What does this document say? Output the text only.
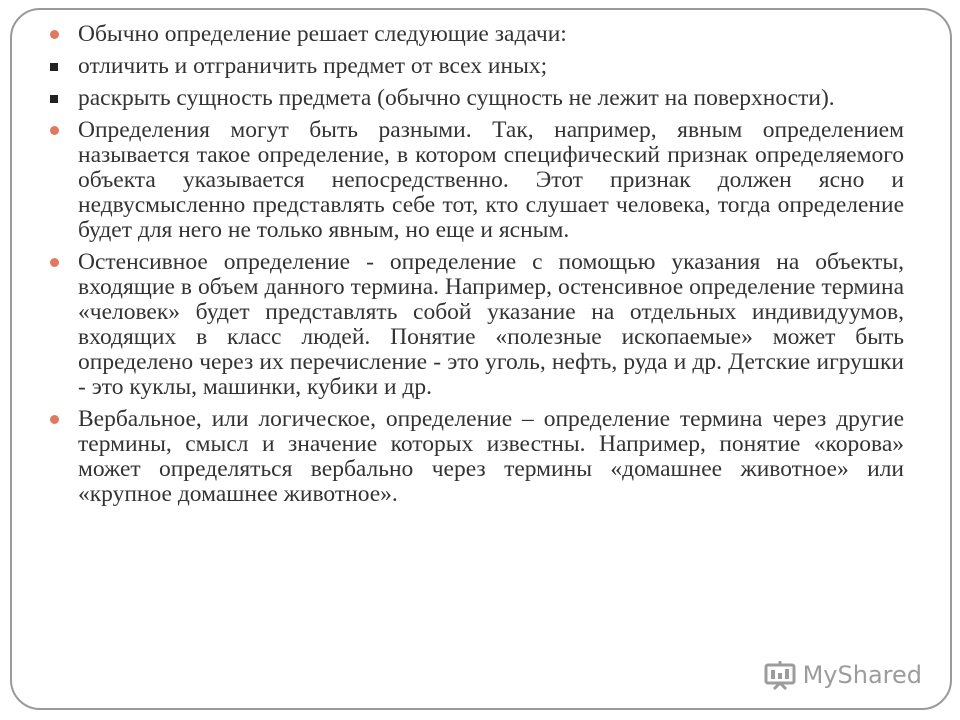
Обычно определение решает следующие задачи:
отличить и отграничить предмет от всех иных;
раскрыть сущность предмета (обычно сущность не лежит на поверхности).
Определения могут быть разными. Так, например, явным определением называется такое определение, в котором специфический признак определяемого объекта указывается непосредственно. Этот признак должен ясно и недвусмысленно представлять себе тот, кто слушает человека, тогда определение будет для него не только явным, но еще и ясным.
Остенсивное определение - определение с помощью указания на объекты, входящие в объем данного термина. Например, остенсивное определение термина «человек» будет представлять собой указание на отдельных индивидуумов, входящих в класс людей. Понятие «полезные ископаемые» может быть определено через их перечисление - это уголь, нефть, руда и др. Детские игрушки - это куклы, машинки, кубики и др.
Вербальное, или логическое, определение – определение термина через другие термины, смысл и значение которых известны. Например, понятие «корова» может определяться вербально через термины «домашнее животное» или «крупное домашнее животное».
MyShared
